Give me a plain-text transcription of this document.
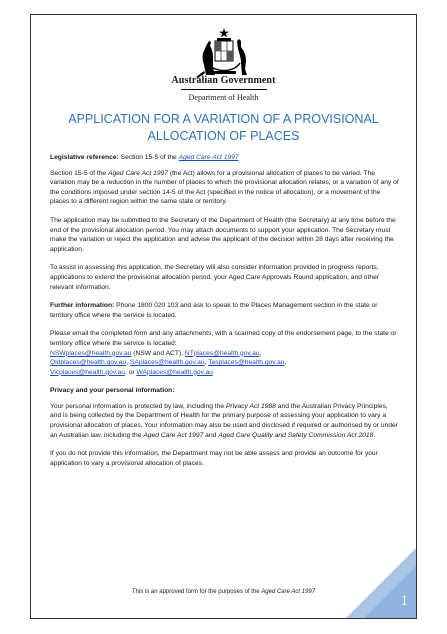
Australian Government
Department of Health
APPLICATION FOR A VARIATION OF A PROVISIONAL
ALLOCATION OF PLACES

Legislative reference: Section 15-5 of the Aged Care Act 1997

Section 15-5 of the Aged Care Act 1997 (the Act) allows for a provisional allocation of places to be varied. The variation may be a reduction in the number of places to which the provisional allocation relates, or a variation of any of the conditions imposed under section 14-5 of the Act (specified in the notice of allocation), or a movement of the places to a different region within the same state or territory.

The application may be submitted to the Secretary of the Department of Health (the Secretary) at any time before the end of the provisional allocation period. You may attach documents to support your application. The Secretary must make the variation or reject the application and advise the applicant of the decision within 28 days after receiving the application.

To assist in assessing this application, the Secretary will also consider information provided in progress reports, applications to extend the provisional allocation period, your Aged Care Approvals Round application, and other relevant information.

Further information: Phone 1800 020 103 and ask to speak to the Places Management section in the state or territory office where the service is located.

Please email the completed form and any attachments, with a scanned copy of the endorsement page, to the state or territory office where the service is located:
NSWplaces@health.gov.au (NSW and ACT), NTplaces@health.gov.au,
Qldplaces@health.gov.au, SAplaces@health.gov.au, Tasplaces@health.gov.au,
Vicplaces@health.gov.au, or WAplaces@health.gov.au

Privacy and your personal information:

Your personal information is protected by law, including the Privacy Act 1988 and the Australian Privacy Principles, and is being collected by the Department of Health for the primary purpose of assessing your application to vary a provisional allocation of places. Your information may also be used and disclosed if required or authorised by or under an Australian law, including the Aged Care Act 1997 and Aged Care Quality and Safety Commission Act 2018.

If you do not provide this information, the Department may not be able assess and provide an outcome for your application to vary a provisional allocation of places.

This is an approved form for the purposes of the Aged Care Act 1997
1
